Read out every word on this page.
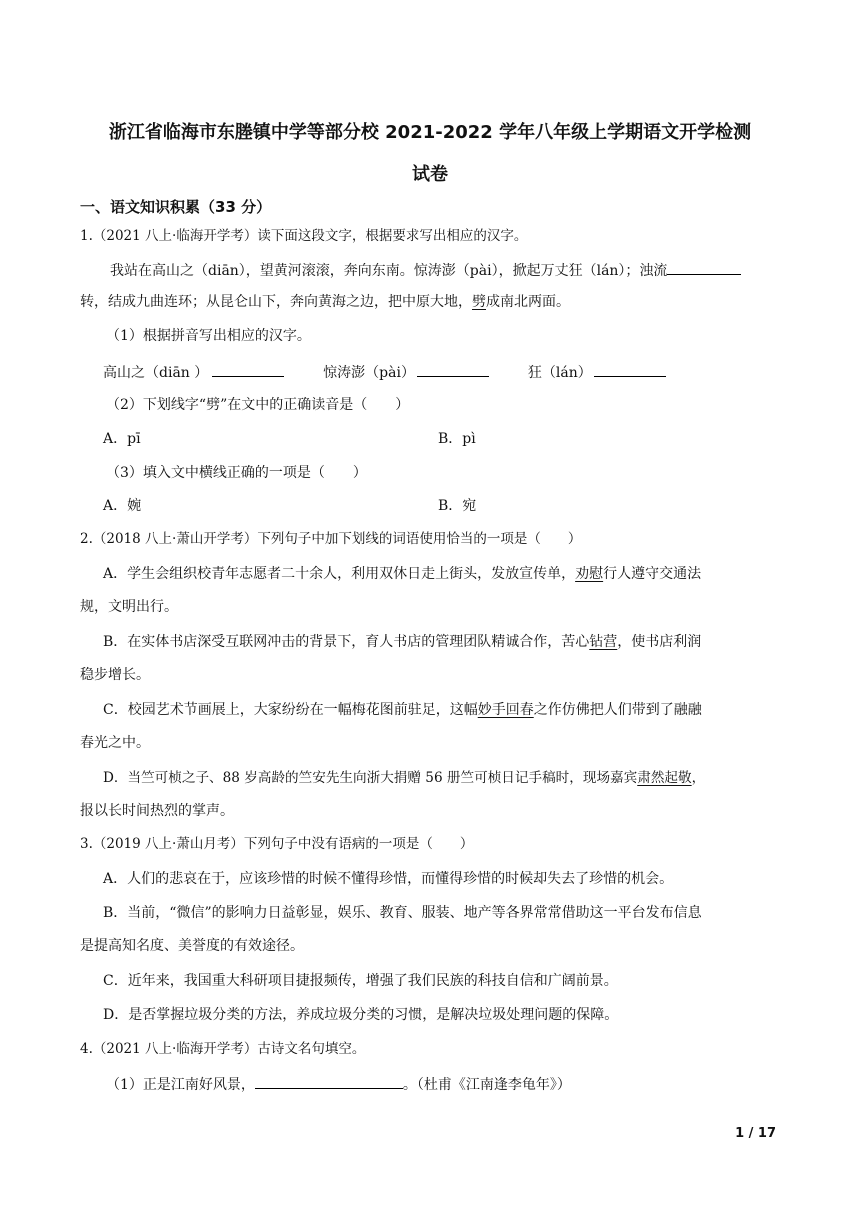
浙江省临海市东塍镇中学等部分校 2021-2022 学年八年级上学期语文开学检测
试卷
一、语文知识积累（33 分）
1.（2021 八上·临海开学考）读下面这段文字，根据要求写出相应的汉字。
我站在高山之（diān），望黄河滚滚，奔向东南。惊涛澎（pài），掀起万丈狂（lán）；浊流
转，结成九曲连环；从昆仑山下，奔向黄海之边，把中原大地，劈成南北两面。
（1）根据拼音写出相应的汉字。
高山之（diān ）	惊涛澎（pài）	狂（lán）
（2）下划线字“劈”在文中的正确读音是（　　）
A．pī	B．pì
（3）填入文中横线正确的一项是（　　）
A．婉	B．宛
2.（2018 八上·萧山开学考）下列句子中加下划线的词语使用恰当的一项是（　　）
A．学生会组织校青年志愿者二十余人，利用双休日走上街头，发放宣传单，劝慰行人遵守交通法
规，文明出行。
B．在实体书店深受互联网冲击的背景下，育人书店的管理团队精诚合作，苦心钻营，使书店利润
稳步增长。
C．校园艺术节画展上，大家纷纷在一幅梅花图前驻足，这幅妙手回春之作仿佛把人们带到了融融
春光之中。
D．当竺可桢之子、88 岁高龄的竺安先生向浙大捐赠 56 册竺可桢日记手稿时，现场嘉宾肃然起敬，
报以长时间热烈的掌声。
3.（2019 八上·萧山月考）下列句子中没有语病的一项是（　　）
A．人们的悲哀在于，应该珍惜的时候不懂得珍惜，而懂得珍惜的时候却失去了珍惜的机会。
B．当前，“微信”的影响力日益彰显，娱乐、教育、服装、地产等各界常常借助这一平台发布信息
是提高知名度、美誉度的有效途径。
C．近年来，我国重大科研项目捷报频传，增强了我们民族的科技自信和广阔前景。
D．是否掌握垃圾分类的方法，养成垃圾分类的习惯，是解决垃圾处理问题的保障。
4.（2021 八上·临海开学考）古诗文名句填空。
（1）正是江南好风景，	。（杜甫《江南逢李龟年》）
1 / 17
